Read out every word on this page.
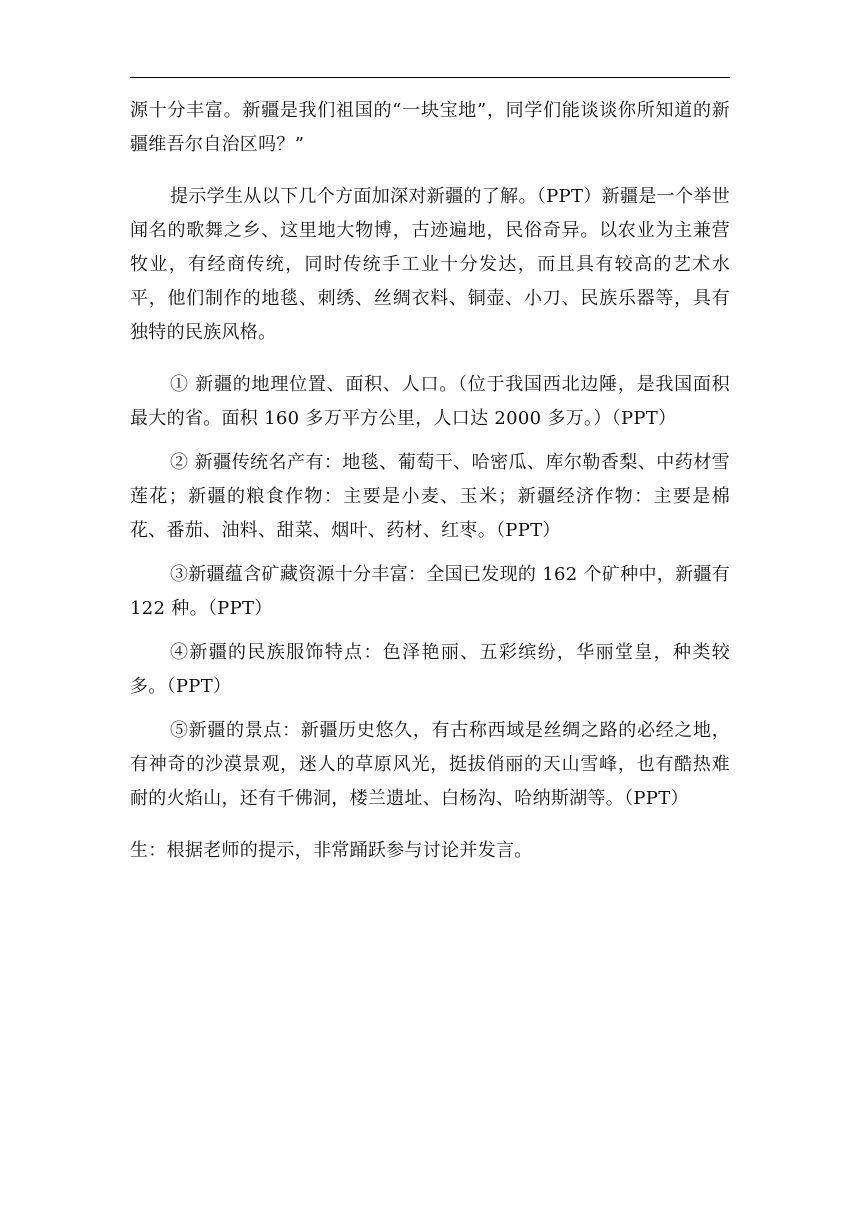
源十分丰富。新疆是我们祖国的“一块宝地”，同学们能谈谈你所知道的新疆维吾尔自治区吗？”

提示学生从以下几个方面加深对新疆的了解。（PPT）新疆是一个举世闻名的歌舞之乡、这里地大物博，古迹遍地，民俗奇异。以农业为主兼营牧业，有经商传统，同时传统手工业十分发达，而且具有较高的艺术水平，他们制作的地毯、刺绣、丝绸衣料、铜壶、小刀、民族乐器等，具有独特的民族风格。

① 新疆的地理位置、面积、人口。（位于我国西北边陲，是我国面积最大的省。面积 160 多万平方公里，人口达 2000 多万。）（PPT）

② 新疆传统名产有：地毯、葡萄干、哈密瓜、库尔勒香梨、中药材雪莲花；新疆的粮食作物：主要是小麦、玉米；新疆经济作物：主要是棉花、番茄、油料、甜菜、烟叶、药材、红枣。（PPT）

③新疆蕴含矿藏资源十分丰富：全国已发现的 162 个矿种中，新疆有 122 种。（PPT）

④新疆的民族服饰特点：色泽艳丽、五彩缤纷，华丽堂皇，种类较多。（PPT）

⑤新疆的景点：新疆历史悠久，有古称西域是丝绸之路的必经之地，有神奇的沙漠景观，迷人的草原风光，挺拔俏丽的天山雪峰，也有酷热难耐的火焰山，还有千佛洞，楼兰遗址、白杨沟、哈纳斯湖等。（PPT）

生：根据老师的提示，非常踊跃参与讨论并发言。
